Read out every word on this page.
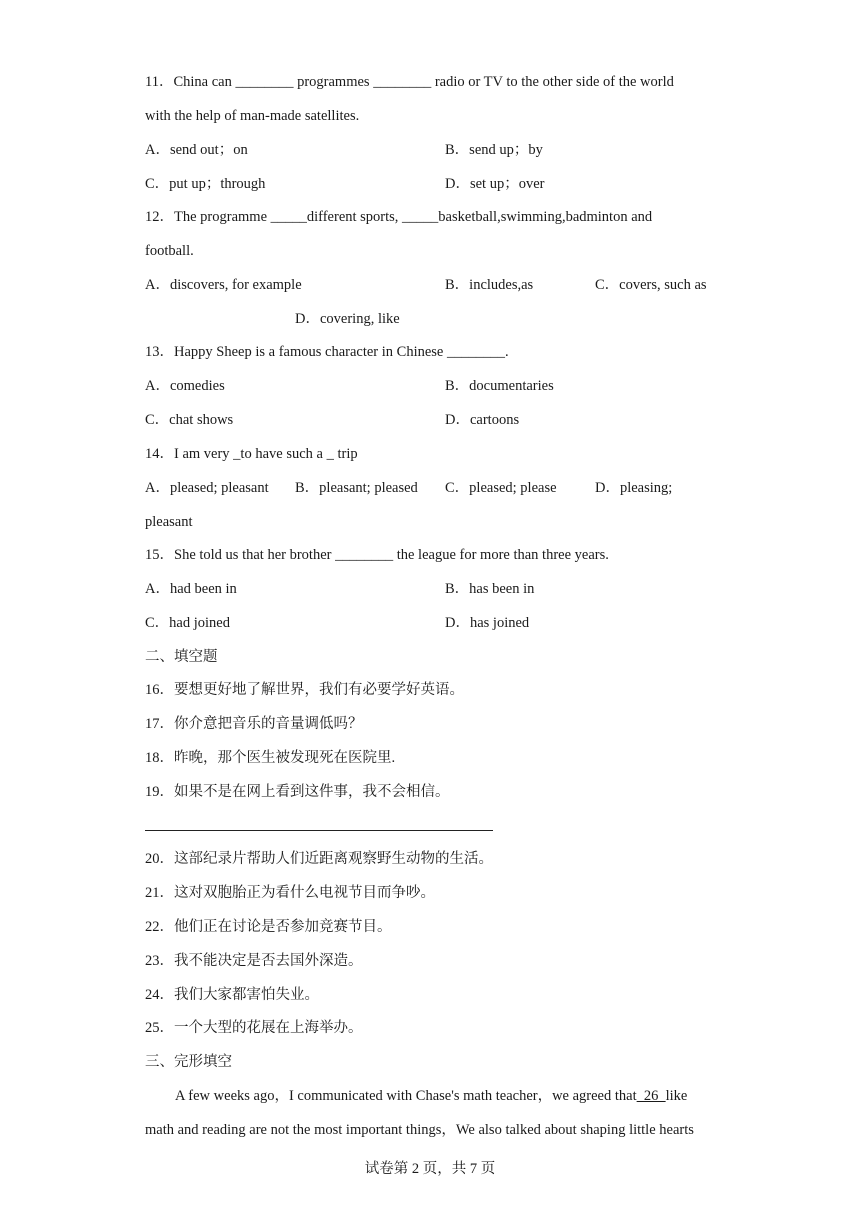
11．China can ________ programmes ________ radio or TV to the other side of the world
with the help of man-made satellites.
A．send out；on	B．send up；by
C．put up；through	D．set up；over
12．The programme _____different sports, _____basketball,swimming,badminton and
football.
A．discovers, for example	B．includes,as	C．covers, such as
D．covering, like
13．Happy Sheep is a famous character in Chinese ________.
A．comedies	B．documentaries
C．chat shows	D．cartoons
14．I am very _to have such a _ trip
A．pleased; pleasant B．pleasant; pleased C．pleased; please	D．pleasing;
pleasant
15．She told us that her brother ________ the league for more than three years.
A．had been in	B．has been in
C．had joined	D．has joined
二、填空题
16．要想更好地了解世界，我们有必要学好英语。
17．你介意把音乐的音量调低吗？
18．昨晚，那个医生被发现死在医院里.
19．如果不是在网上看到这件事，我不会相信。
20．这部纪录片帮助人们近距离观察野生动物的生活。
21．这对双胞胎正为看什么电视节目而争吵。
22．他们正在讨论是否参加竞赛节目。
23．我不能决定是否去国外深造。
24．我们大家都害怕失业。
25．一个大型的花展在上海举办。
三、完形填空
A few weeks ago，I communicated with Chase's math teacher，we agreed that  26  like
math and reading are not the most important things，We also talked about shaping little hearts
试卷第 2 页，共 7 页
